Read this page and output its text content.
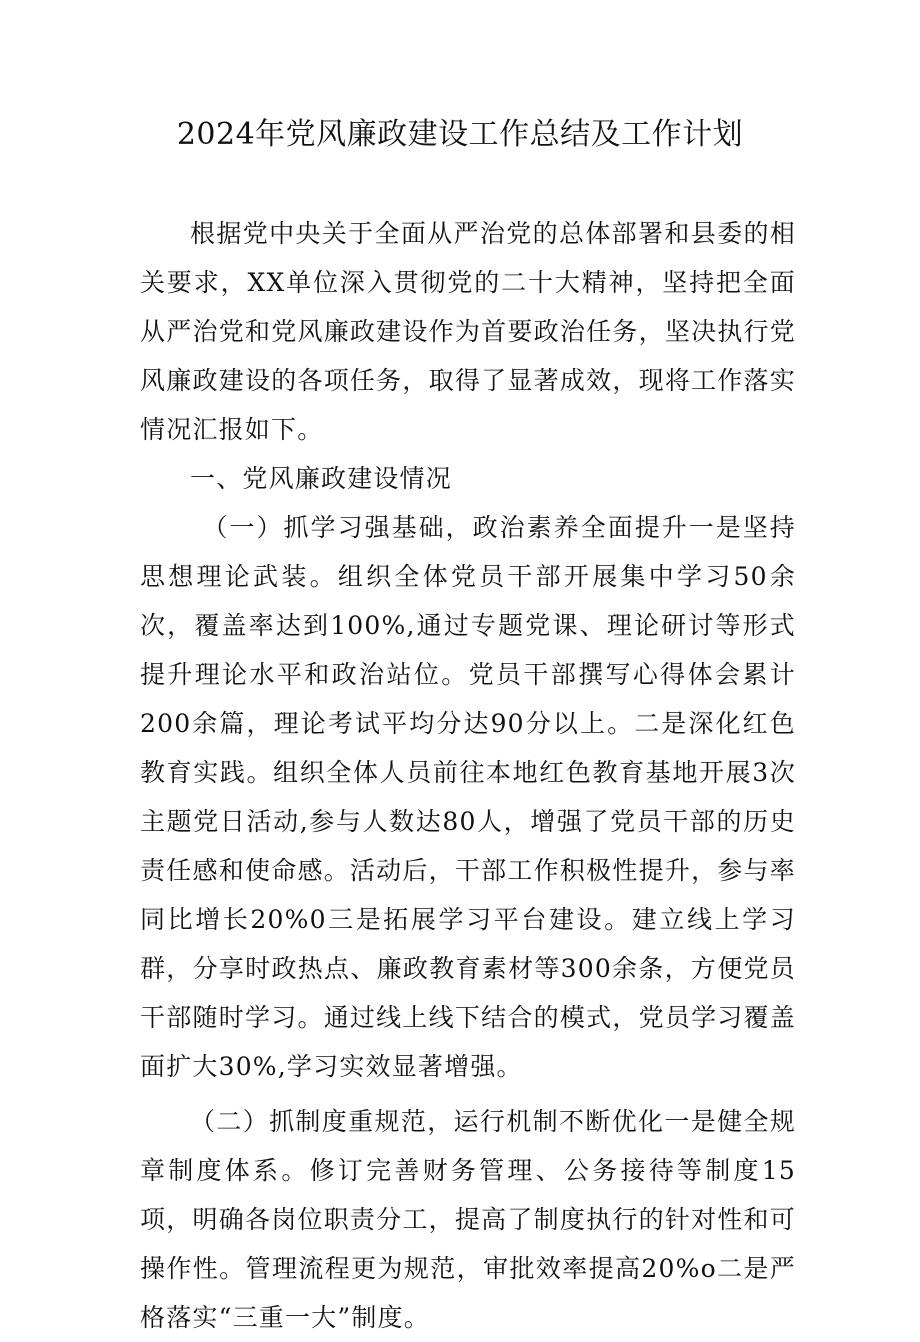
2024年党风廉政建设工作总结及工作计划

根据党中央关于全面从严治党的总体部署和县委的相关要求，XX单位深入贯彻党的二十大精神，坚持把全面从严治党和党风廉政建设作为首要政治任务，坚决执行党风廉政建设的各项任务，取得了显著成效，现将工作落实情况汇报如下。

一、党风廉政建设情况

（一）抓学习强基础，政治素养全面提升一是坚持思想理论武装。组织全体党员干部开展集中学习50余次，覆盖率达到100%,通过专题党课、理论研讨等形式提升理论水平和政治站位。党员干部撰写心得体会累计200余篇，理论考试平均分达90分以上。二是深化红色教育实践。组织全体人员前往本地红色教育基地开展3次主题党日活动,参与人数达80人，增强了党员干部的历史责任感和使命感。活动后，干部工作积极性提升，参与率同比增长20%0三是拓展学习平台建设。建立线上学习群，分享时政热点、廉政教育素材等300余条，方便党员干部随时学习。通过线上线下结合的模式，党员学习覆盖面扩大30%,学习实效显著增强。

（二）抓制度重规范，运行机制不断优化一是健全规章制度体系。修订完善财务管理、公务接待等制度15项，明确各岗位职责分工，提高了制度执行的针对性和可操作性。管理流程更为规范，审批效率提高20%o二是严格落实“三重一大”制度。
